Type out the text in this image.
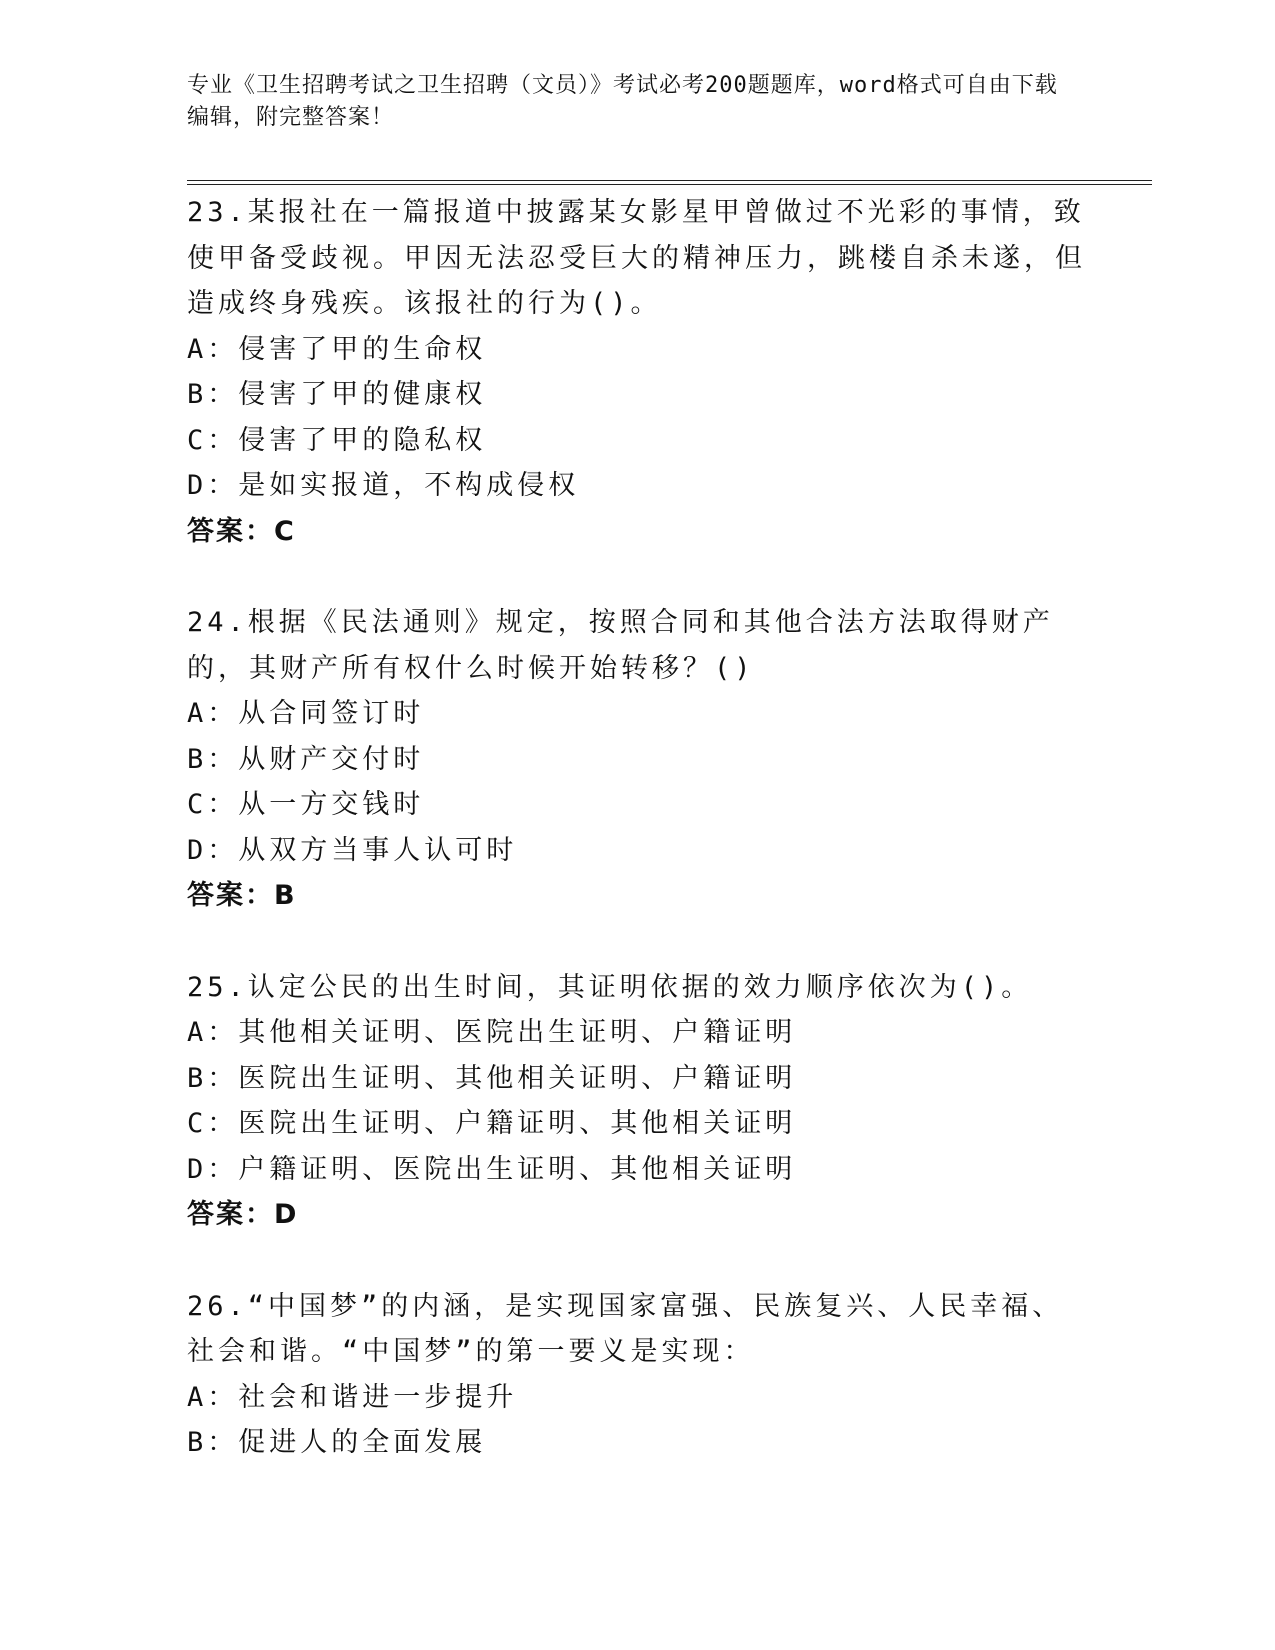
专业《卫生招聘考试之卫生招聘（文员）》考试必考200题题库，word格式可自由下载编辑，附完整答案！

23.某报社在一篇报道中披露某女影星甲曾做过不光彩的事情，致使甲备受歧视。甲因无法忍受巨大的精神压力，跳楼自杀未遂，但造成终身残疾。该报社的行为()。

A：侵害了甲的生命权

B：侵害了甲的健康权

C：侵害了甲的隐私权

D：是如实报道，不构成侵权

答案：C

24.根据《民法通则》规定，按照合同和其他合法方法取得财产的，其财产所有权什么时候开始转移？()

A：从合同签订时

B：从财产交付时

C：从一方交钱时

D：从双方当事人认可时

答案：B

25.认定公民的出生时间，其证明依据的效力顺序依次为()。

A：其他相关证明、医院出生证明、户籍证明

B：医院出生证明、其他相关证明、户籍证明

C：医院出生证明、户籍证明、其他相关证明

D：户籍证明、医院出生证明、其他相关证明

答案：D

26.“中国梦”的内涵，是实现国家富强、民族复兴、人民幸福、社会和谐。“中国梦”的第一要义是实现：

A：社会和谐进一步提升

B：促进人的全面发展
